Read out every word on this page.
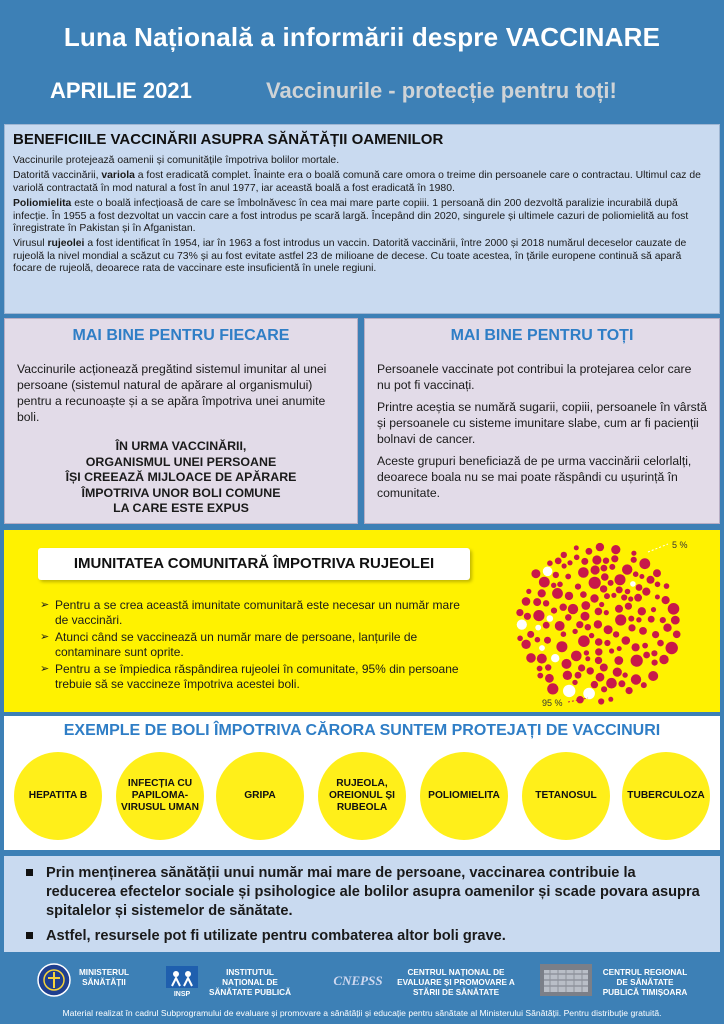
Luna Națională a informării despre VACCINARE
APRILIE 2021	Vaccinurile - protecție pentru toți!
BENEFICIILE VACCINĂRII ASUPRA SĂNĂTĂȚII OAMENILOR

Vaccinurile protejează oamenii și comunitățile împotriva bolilor mortale.

Datorită vaccinării, variola a fost eradicată complet. Înainte era o boală comună care omora o treime din persoanele care o contractau. Ultimul caz de variolă contractată în mod natural a fost în anul 1977, iar această boală a fost eradicată în 1980.

Poliomielita este o boală infecțioasă de care se îmbolnăvesc în cea mai mare parte copiii. 1 persoană din 200 dezvoltă paralizie incurabilă după infecție. În 1955 a fost dezvoltat un vaccin care a fost introdus pe scară largă. Începând din 2020, singurele și ultimele cazuri de poliomielită au fost înregistrate în Pakistan și în Afganistan.

Virusul rujeolei a fost identificat în 1954, iar în 1963 a fost introdus un vaccin. Datorită vaccinării, între 2000 și 2018 numărul deceselor cauzate de rujeolă la nivel mondial a scăzut cu 73% și au fost evitate astfel 23 de milioane de decese. Cu toate acestea, în țările europene continuă să apară focare de rujeolă, deoarece rata de vaccinare este insuficientă în unele regiuni.

MAI BINE PENTRU FIECARE

Vaccinurile acționează pregătind sistemul imunitar al unei persoane (sistemul natural de apărare al organismului) pentru a recunoaște și a se apăra împotriva unei anumite boli.

ÎN URMA VACCINĂRII,
ORGANISMUL UNEI PERSOANE
ÎȘI CREEAZĂ MIJLOACE DE APĂRARE
ÎMPOTRIVA UNOR BOLI COMUNE
LA CARE ESTE EXPUS
MAI BINE PENTRU TOȚI

Persoanele vaccinate pot contribui la protejarea celor care nu pot fi vaccinați.

Printre aceștia se numără sugarii, copiii, persoanele în vârstă și persoanele cu sisteme imunitare slabe, cum ar fi pacienții bolnavi de cancer.

Aceste grupuri beneficiază de pe urma vaccinării celorlalți, deoarece boala nu se mai poate răspândi cu ușurință în comunitate.

IMUNITATEA COMUNITARĂ ÎMPOTRIVA RUJEOLEI
➢ Pentru a se crea această imunitate comunitară este necesar un număr mare de vaccinări.
➢ Atunci când se vaccinează un număr mare de persoane, lanțurile de contaminare sunt oprite.
➢ Pentru a se împiedica răspândirea rujeolei în comunitate, 95% din persoane trebuie să se vaccineze împotriva acestei boli.
5 %
95 %
EXEMPLE DE BOLI ÎMPOTRIVA CĂRORA SUNTEM PROTEJAȚI DE VACCINURI
HEPATITA B
INFECȚIA CU PAPILOMA-VIRUSUL UMAN
GRIPA
RUJEOLA, OREIONUL ȘI RUBEOLA
POLIOMIELITA	TETANOSUL	TUBERCULOZA
Prin menținerea sănătății unui număr mai mare de persoane, vaccinarea contribuie la reducerea efectelor sociale și psihologice ale bolilor asupra oamenilor și scade povara asupra spitalelor și sistemelor de sănătate.
Astfel, resursele pot fi utilizate pentru combaterea altor boli grave.
MINISTERUL SĂNĂTĂȚII
INSP
INSTITUTUL NAȚIONAL DE SĂNĂTATE PUBLICĂ
CNEPSS
CENTRUL NAȚIONAL DE EVALUARE ȘI PROMOVARE A STĂRII DE SĂNĂTATE
CENTRUL REGIONAL DE SĂNĂTATE PUBLICĂ TIMIȘOARA
Material realizat în cadrul Subprogramului de evaluare și promovare a sănătății și educație pentru sănătate al Ministerului Sănătății. Pentru distribuție gratuită.
